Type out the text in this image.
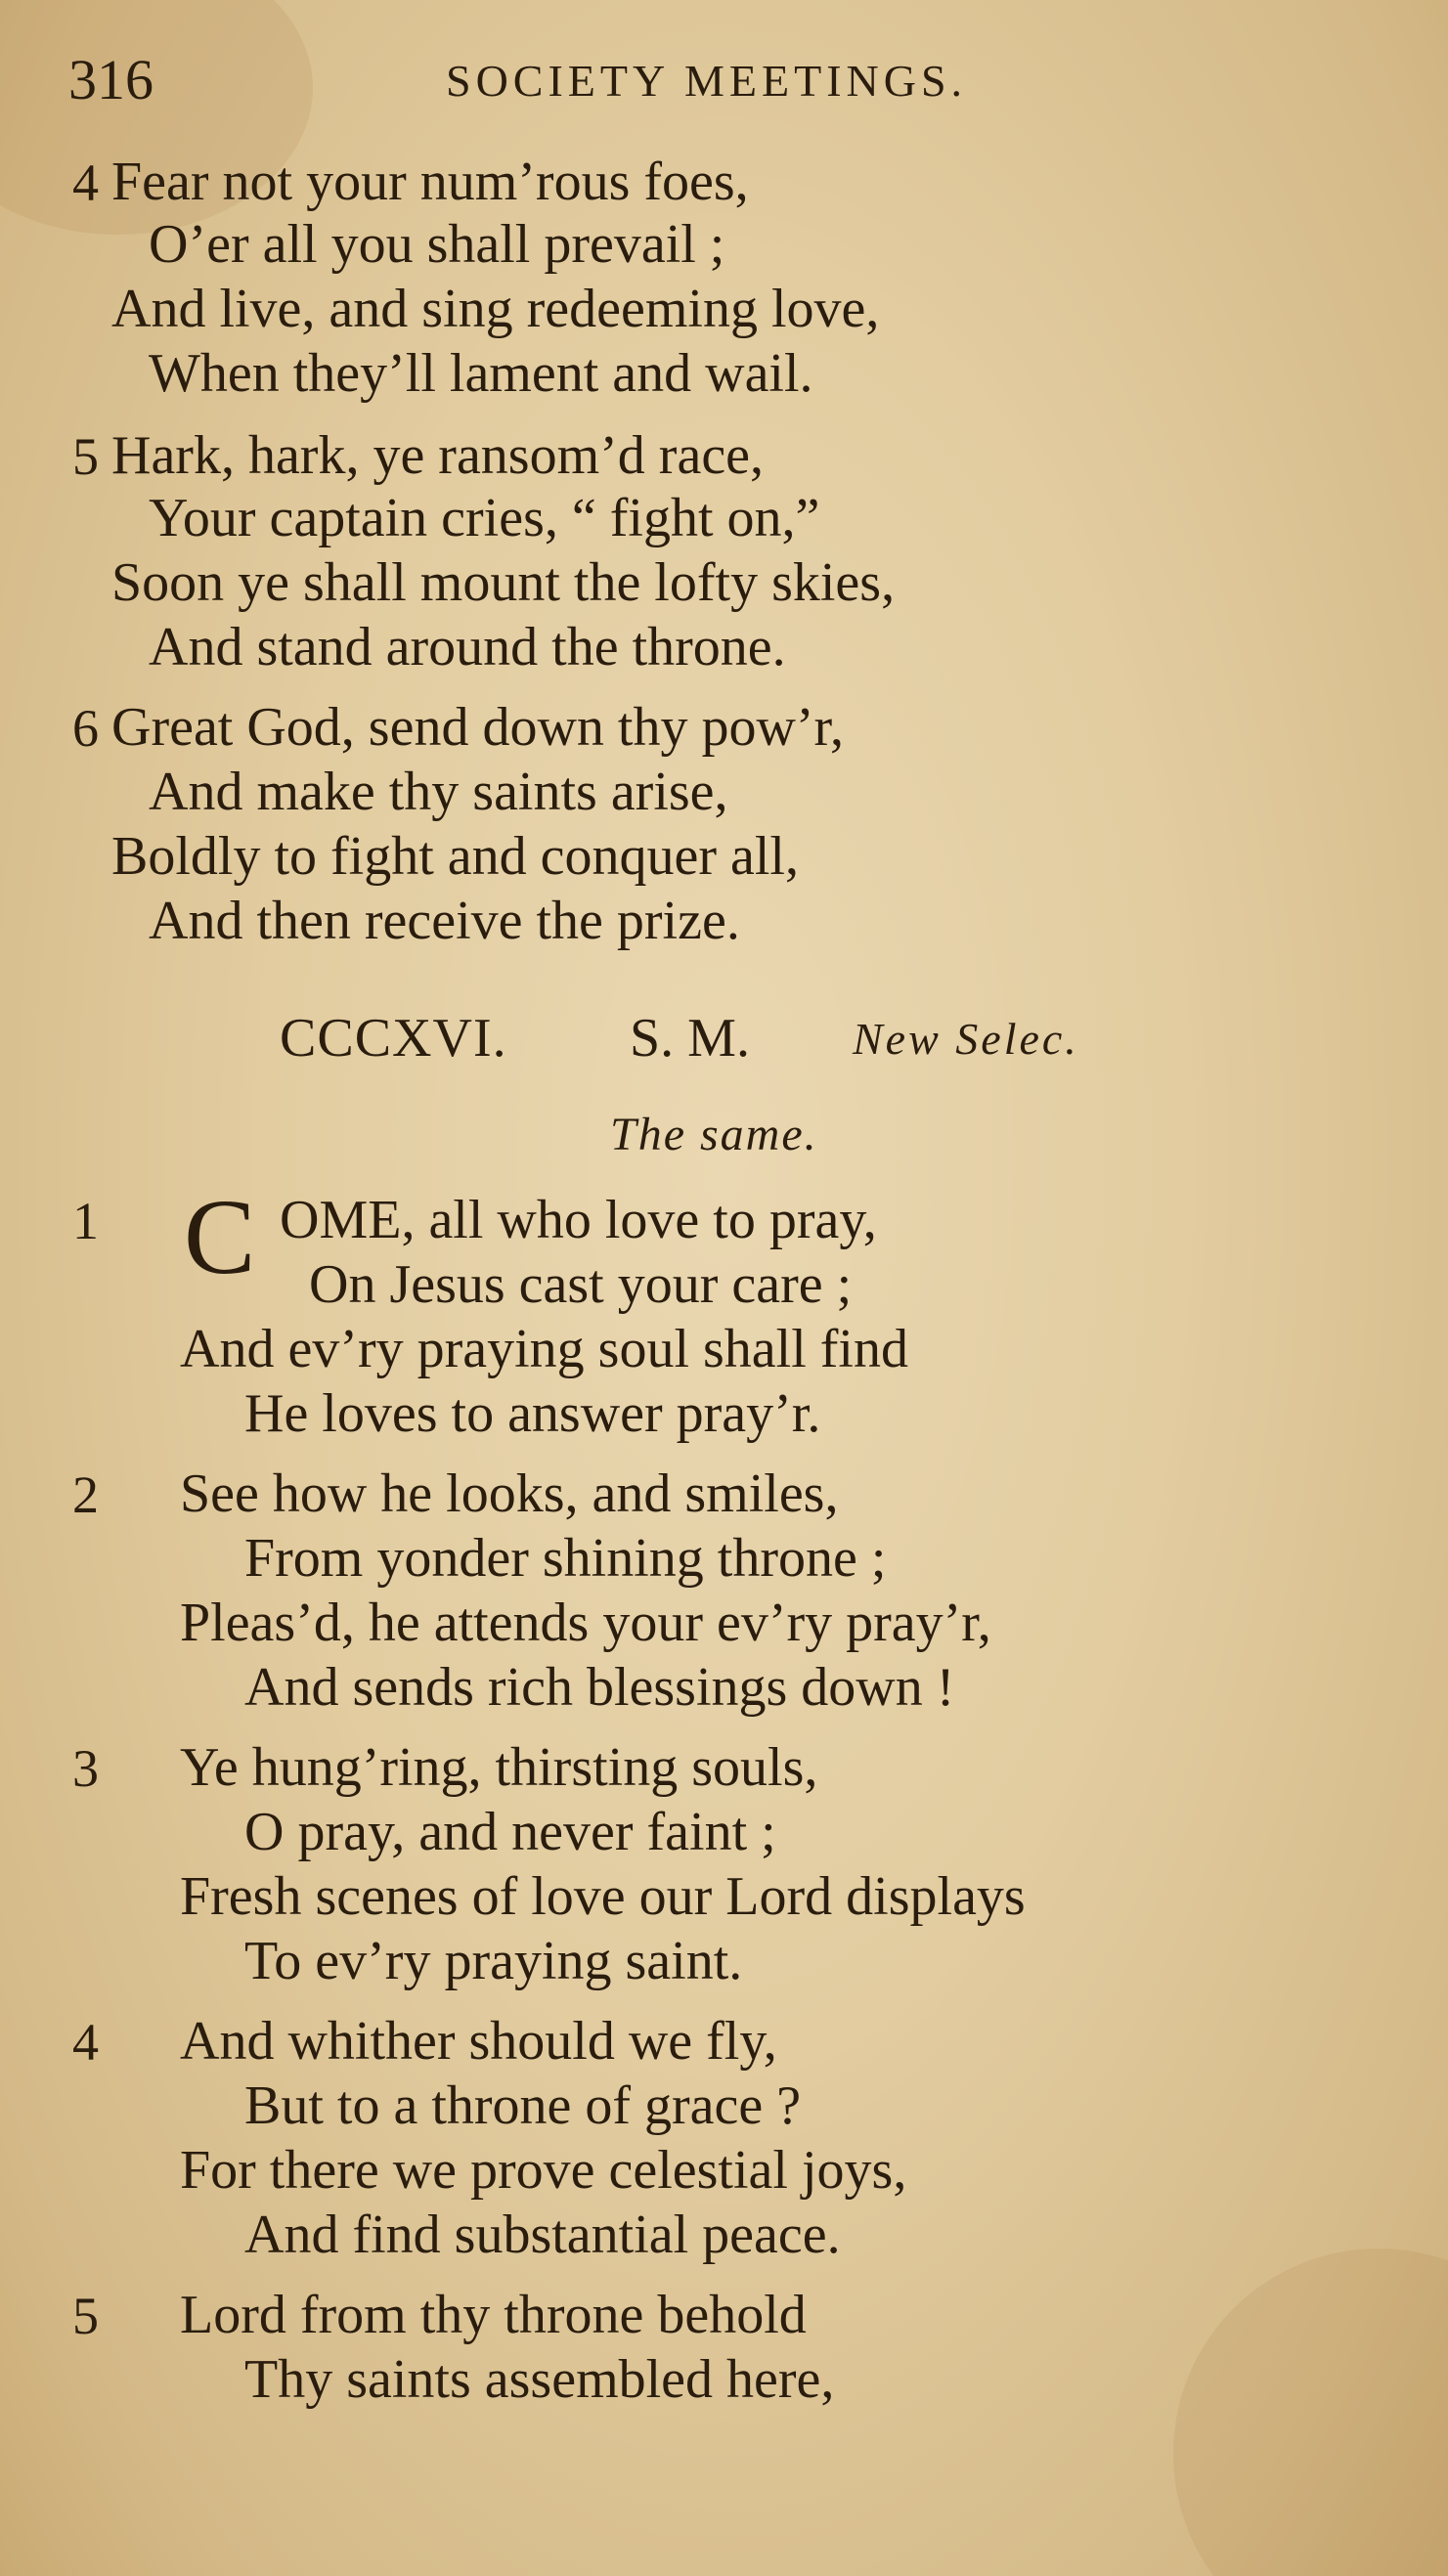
316	SOCIETY MEETINGS.
4 Fear not your num’rous foes,
O’er all you shall prevail ;
And live, and sing redeeming love,
When they’ll lament and wail.
5 Hark, hark, ye ransom’d race,
Your captain cries, “ fight on,”
Soon ye shall mount the lofty skies,
And stand around the throne.
6 Great God, send down thy pow’r,
And make thy saints arise,
Boldly to fight and conquer all,
And then receive the prize.
CCCXVI. S. M. New Selec.
The same.
1 C OME, all who love to pray,
On Jesus cast your care ;
And ev’ry praying soul shall find
He loves to answer pray’r.
2 See how he looks, and smiles,
From yonder shining throne ;
Pleas’d, he attends your ev’ry pray’r,
And sends rich blessings down !
3 Ye hung’ring, thirsting souls,
O pray, and never faint ;
Fresh scenes of love our Lord displays
To ev’ry praying saint.
4 And whither should we fly,
But to a throne of grace ?
For there we prove celestial joys,
And find substantial peace.
5 Lord from thy throne behold
Thy saints assembled here,
